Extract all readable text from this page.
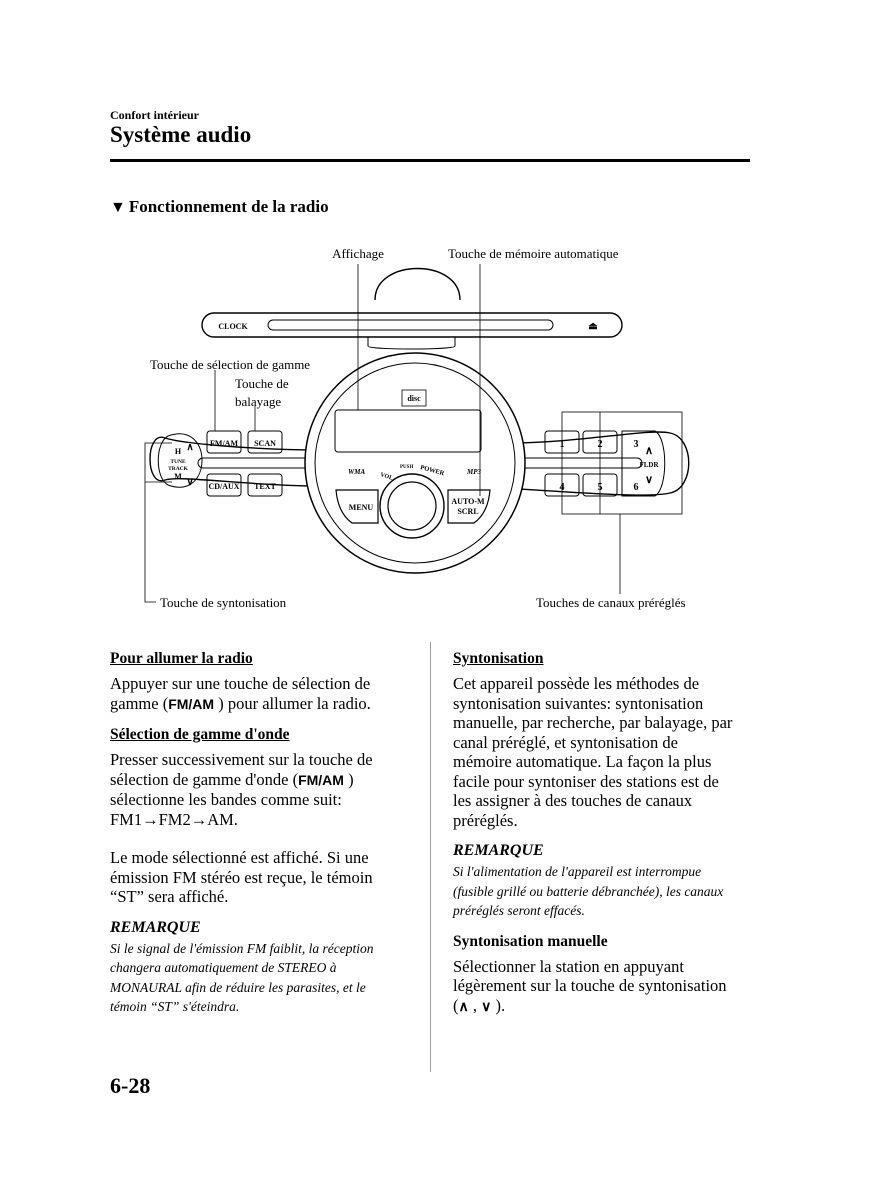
Confort intérieur
Système audio
▼ Fonctionnement de la radio
disc
Affichage	Touche de mémoire automatique
Touche de sélection de gamme
Touche de
balayage
Touche de syntonisation	Touches de canaux préréglés
CLOCK	⏏
FM/AM SCAN
CD/AUX TEXT
MENU
AUTO-M
SCRL
1	2	3
4	5	6
FLDR
∧
∨
H
TUNE
TRACK
M
∧
∨
WMA	MP3
VOL
PUSH POWER
Pour allumer la radio
Appuyer sur une touche de sélection de gamme (FM/AM ) pour allumer la radio.
Sélection de gamme d'onde
Presser successivement sur la touche de sélection de gamme d'onde (FM/AM ) sélectionne les bandes comme suit: FM1→FM2→AM.
Le mode sélectionné est affiché. Si une émission FM stéréo est reçue, le témoin “ST” sera affiché.
REMARQUE
Si le signal de l'émission FM faiblit, la réception changera automatiquement de STEREO à MONAURAL afin de réduire les parasites, et le témoin “ST” s'éteindra.
Syntonisation
Cet appareil possède les méthodes de syntonisation suivantes: syntonisation manuelle, par recherche, par balayage, par canal préréglé, et syntonisation de mémoire automatique. La façon la plus facile pour syntoniser des stations est de les assigner à des touches de canaux préréglés.
REMARQUE
Si l'alimentation de l'appareil est interrompue (fusible grillé ou batterie débranchée), les canaux préréglés seront effacés.
Syntonisation manuelle
Sélectionner la station en appuyant légèrement sur la touche de syntonisation (∧ , ∨ ).
6-28
